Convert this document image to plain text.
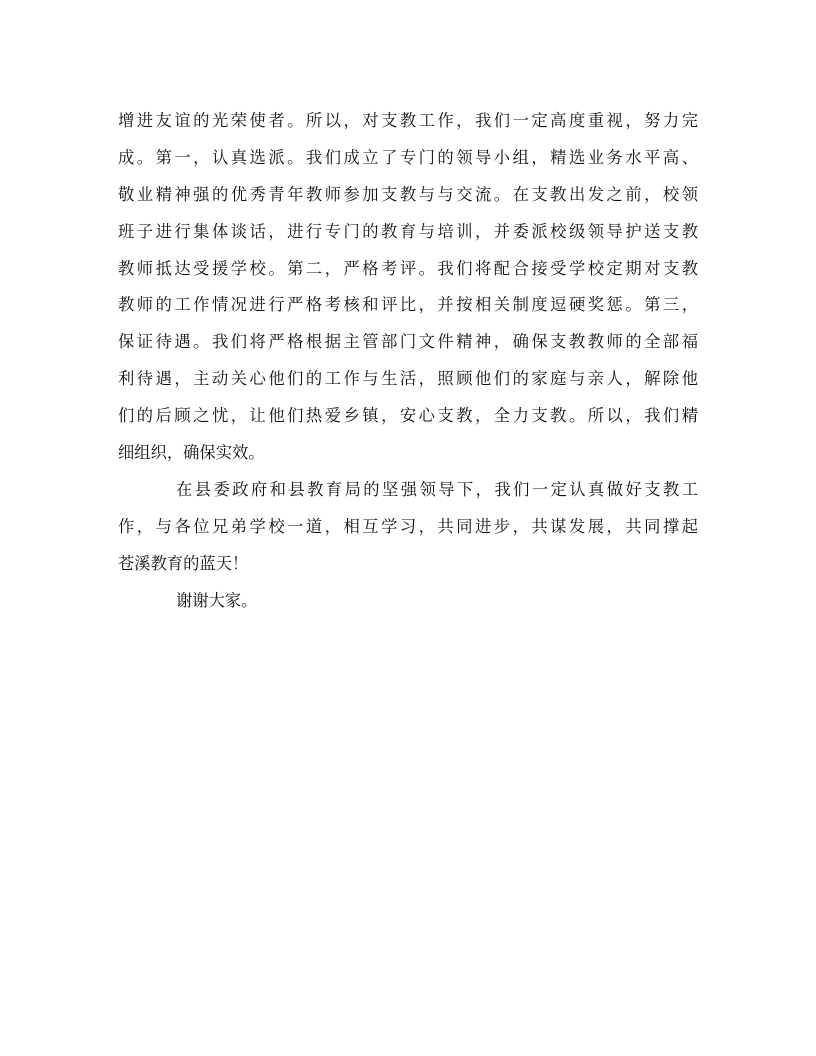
增进友谊的光荣使者。所以，对支教工作，我们一定高度重视，努力完
成。第一，认真选派。我们成立了专门的领导小组，精选业务水平高、
敬业精神强的优秀青年教师参加支教与与交流。在支教出发之前，校领
班子进行集体谈话，进行专门的教育与培训，并委派校级领导护送支教
教师抵达受援学校。第二，严格考评。我们将配合接受学校定期对支教
教师的工作情况进行严格考核和评比，并按相关制度逗硬奖惩。第三，
保证待遇。我们将严格根据主管部门文件精神，确保支教教师的全部福
利待遇，主动关心他们的工作与生活，照顾他们的家庭与亲人，解除他
们的后顾之忧，让他们热爱乡镇，安心支教，全力支教。所以，我们精
细组织，确保实效。
在县委政府和县教育局的坚强领导下，我们一定认真做好支教工
作，与各位兄弟学校一道，相互学习，共同进步，共谋发展，共同撑起
苍溪教育的蓝天！
谢谢大家。
